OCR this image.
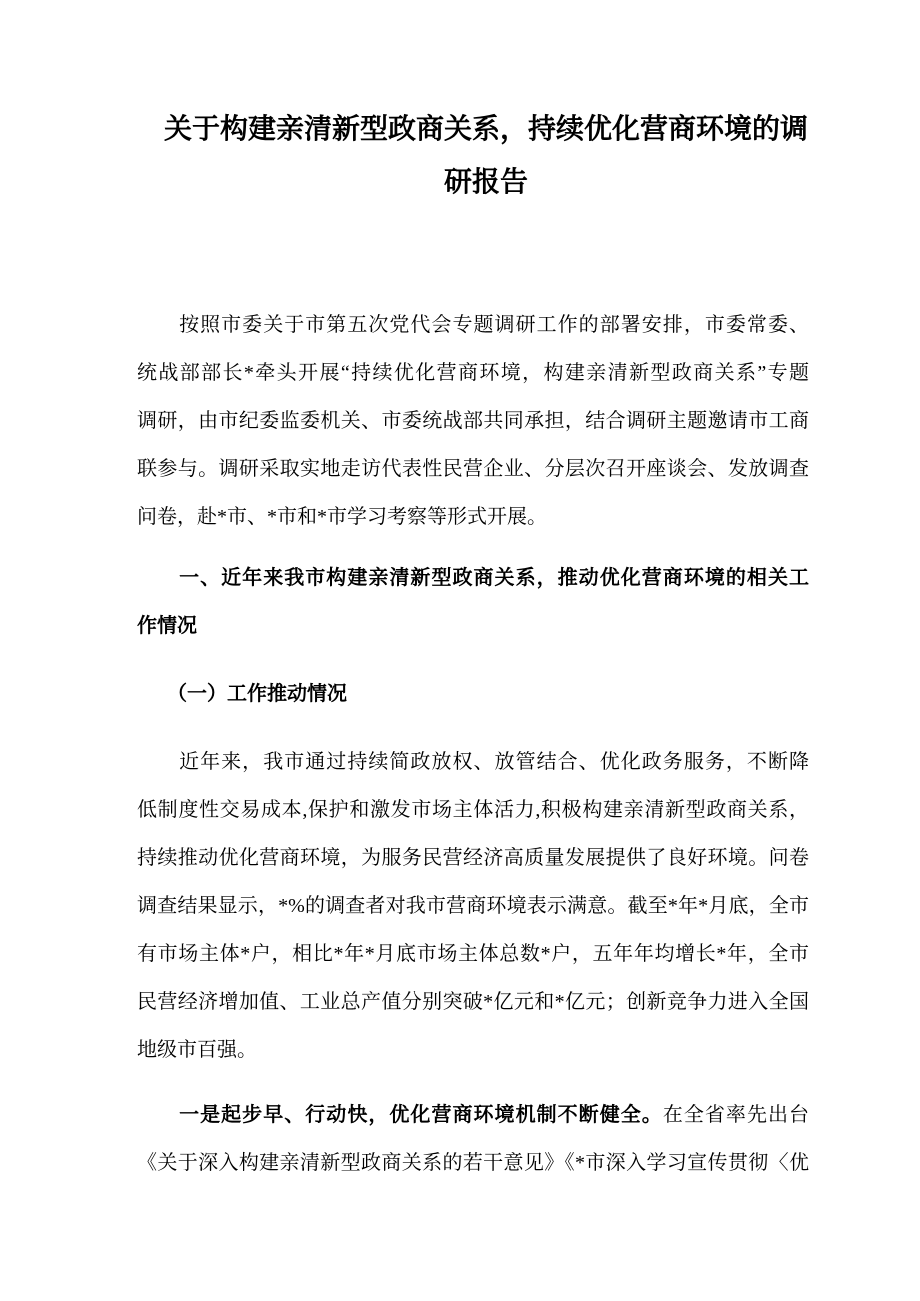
关于构建亲清新型政商关系，持续优化营商环境的调
研报告
　　按照市委关于市第五次党代会专题调研工作的部署安排，市委常委、
统战部部长*牵头开展“持续优化营商环境，构建亲清新型政商关系”专题
调研，由市纪委监委机关、市委统战部共同承担，结合调研主题邀请市工商
联参与。调研采取实地走访代表性民营企业、分层次召开座谈会、发放调查
问卷，赴*市、*市和*市学习考察等形式开展。
　　一、近年来我市构建亲清新型政商关系，推动优化营商环境的相关工
作情况
　　（一）工作推动情况
　　近年来，我市通过持续简政放权、放管结合、优化政务服务，不断降
低制度性交易成本,保护和激发市场主体活力,积极构建亲清新型政商关系，
持续推动优化营商环境，为服务民营经济高质量发展提供了良好环境。问卷
调查结果显示，*%的调查者对我市营商环境表示满意。截至*年*月底，全市
有市场主体*户，相比*年*月底市场主体总数*户，五年年均增长*年，全市
民营经济增加值、工业总产值分别突破*亿元和*亿元；创新竞争力进入全国
地级市百强。
　　一是起步早、行动快，优化营商环境机制不断健全。在全省率先出台
《关于深入构建亲清新型政商关系的若干意见》《*市深入学习宣传贯彻〈优
